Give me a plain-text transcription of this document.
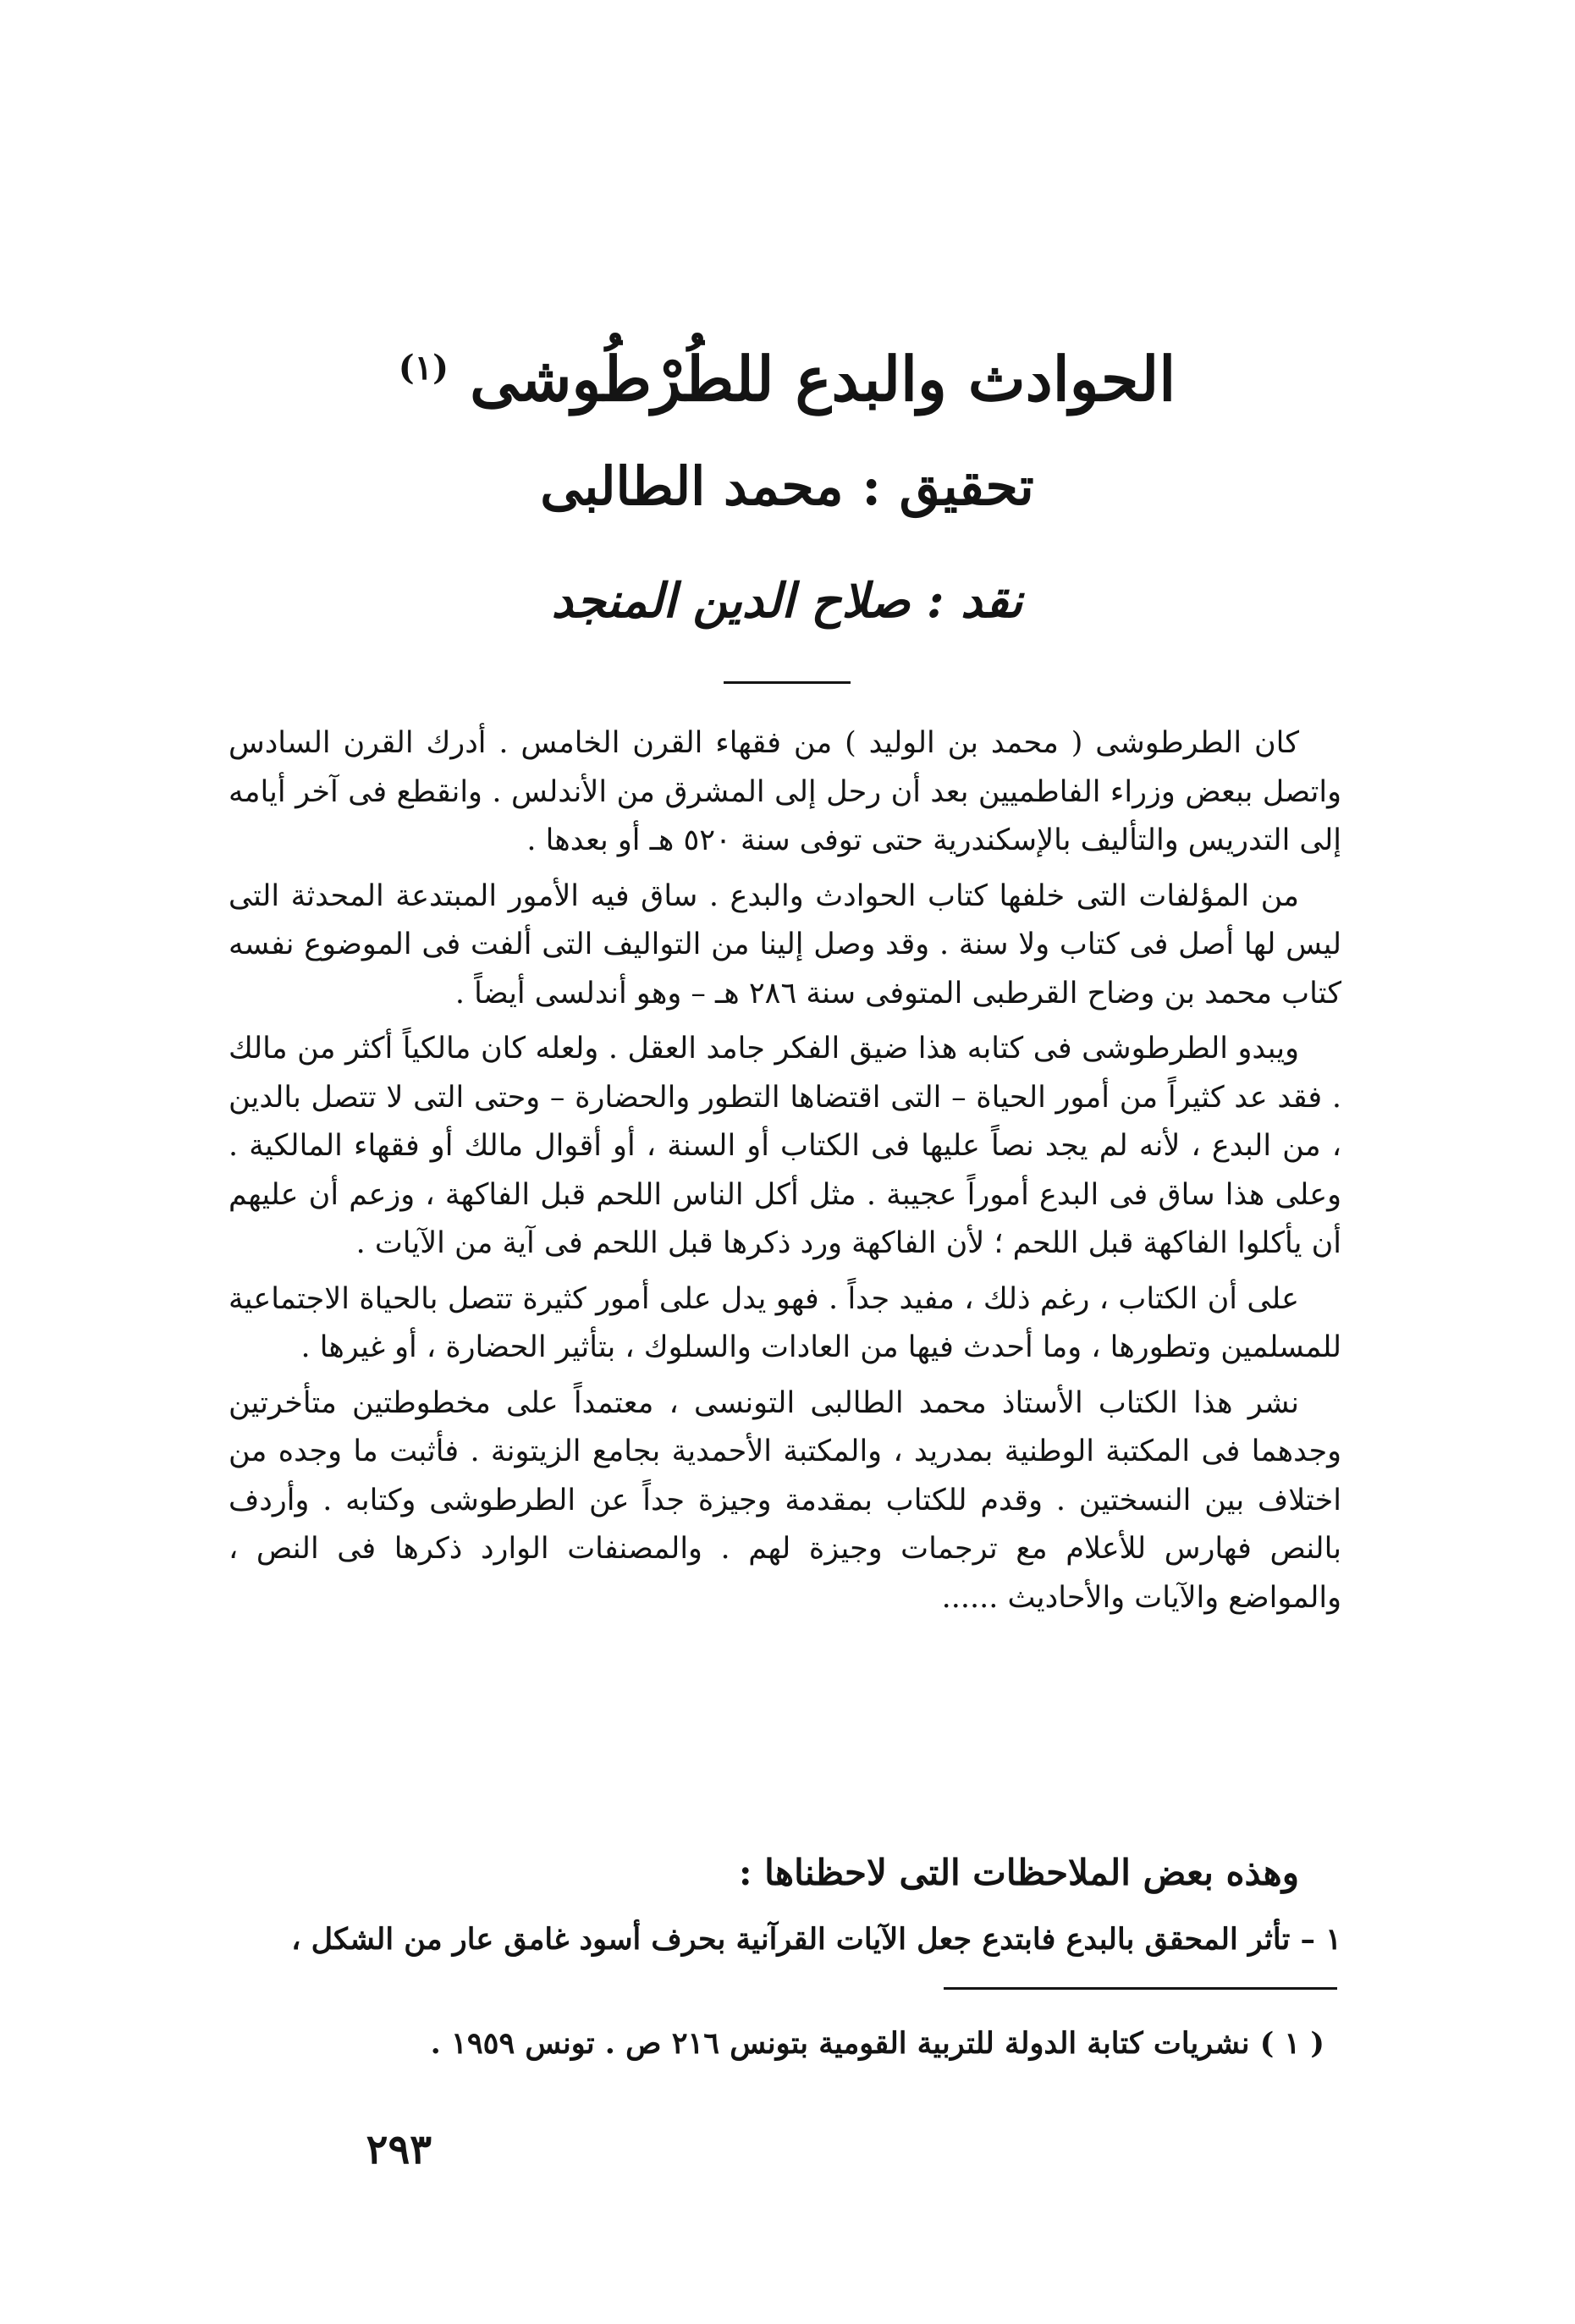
الحوادث والبدع للطُرْطُوشى $^{(١)}$
تحقيق : محمد الطالبى
نقد : صلاح الدين المنجد

كان الطرطوشى ( محمد بن الوليد ) من فقهاء القرن الخامس . أدرك القرن السادس واتصل ببعض وزراء الفاطميين بعد أن رحل إلى المشرق من الأندلس . وانقطع فى آخر أيامه إلى التدريس والتأليف بالإسكندرية حتى توفى سنة ٥٢٠ هـ أو بعدها .

من المؤلفات التى خلفها كتاب الحوادث والبدع . ساق فيه الأمور المبتدعة المحدثة التى ليس لها أصل فى كتاب ولا سنة . وقد وصل إلينا من التواليف التى ألفت فى الموضوع نفسه كتاب محمد بن وضاح القرطبى المتوفى سنة ٢٨٦ هـ – وهو أندلسى أيضاً .

ويبدو الطرطوشى فى كتابه هذا ضيق الفكر جامد العقل . ولعله كان مالكياً أكثر من مالك . فقد عد كثيراً من أمور الحياة – التى اقتضاها التطور والحضارة – وحتى التى لا تتصل بالدين ، من البدع ، لأنه لم يجد نصاً عليها فى الكتاب أو السنة ، أو أقوال مالك أو فقهاء المالكية . وعلى هذا ساق فى البدع أموراً عجيبة . مثل أكل الناس اللحم قبل الفاكهة ، وزعم أن عليهم أن يأكلوا الفاكهة قبل اللحم ؛ لأن الفاكهة ورد ذكرها قبل اللحم فى آية من الآيات .

على أن الكتاب ، رغم ذلك ، مفيد جداً . فهو يدل على أمور كثيرة تتصل بالحياة الاجتماعية للمسلمين وتطورها ، وما أحدث فيها من العادات والسلوك ، بتأثير الحضارة ، أو غيرها .

نشر هذا الكتاب الأستاذ محمد الطالبى التونسى ، معتمداً على مخطوطتين متأخرتين وجدهما فى المكتبة الوطنية بمدريد ، والمكتبة الأحمدية بجامع الزيتونة . فأثبت ما وجده من اختلاف بين النسختين . وقدم للكتاب بمقدمة وجيزة جداً عن الطرطوشى وكتابه . وأردف بالنص فهارس للأعلام مع ترجمات وجيزة لهم . والمصنفات الوارد ذكرها فى النص ، والمواضع والآيات والأحاديث ......

وهذه بعض الملاحظات التى لاحظناها :
١ – تأثر المحقق بالبدع فابتدع جعل الآيات القرآنية بحرف أسود غامق عار من الشكل ،
( ١ ) نشريات كتابة الدولة للتربية القومية بتونس ٢١٦ ص . تونس ١٩٥٩ .
٢٩٣
